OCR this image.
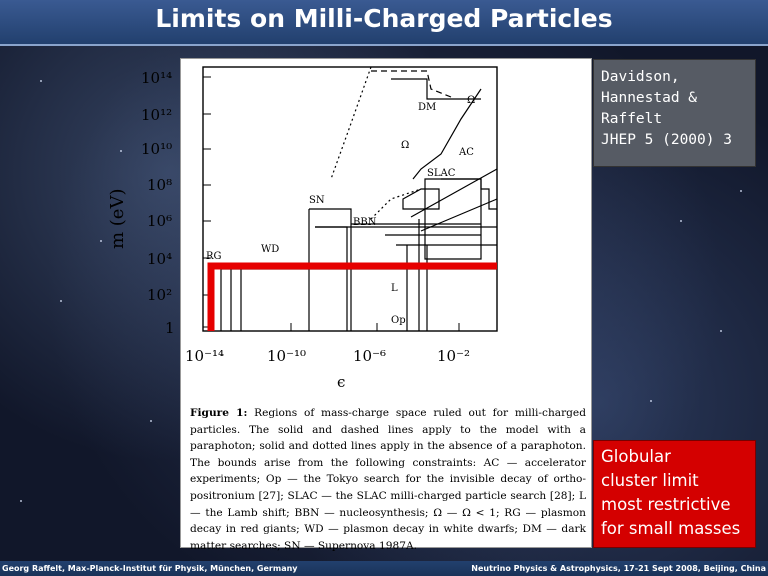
Limits on Milli-Charged Particles
10¹⁴
10¹²
10¹⁰
10⁸
10⁶
10⁴
10²
1
10⁻¹⁴	10⁻¹⁰	10⁻⁶	10⁻²
ϵ
m (eV)
DM
Ω
Ω
AC
SLAC
SN
BBN
RG
WD
L
Op
Figure 1: Regions of mass-charge space ruled out for milli-charged particles. The solid and dashed lines apply to the model with a paraphoton; solid and dotted lines apply in the absence of a paraphoton. The bounds arise from the following constraints: AC — accelerator experiments; Op — the Tokyo search for the invisible decay of ortho-positronium [27]; SLAC — the SLAC milli-charged particle search [28]; L — the Lamb shift; BBN — nucleosynthesis; Ω — Ω < 1; RG — plasmon decay in red giants; WD — plasmon decay in white dwarfs; DM — dark matter searches; SN — Supernova 1987A.
Davidson,
Hannestad &
Raffelt
JHEP 5 (2000) 3
Globular
cluster limit
most restrictive
for small masses
Georg Raffelt, Max-Planck-Institut für Physik, München, Germany	Neutrino Physics & Astrophysics, 17-21 Sept 2008, Beijing, China
